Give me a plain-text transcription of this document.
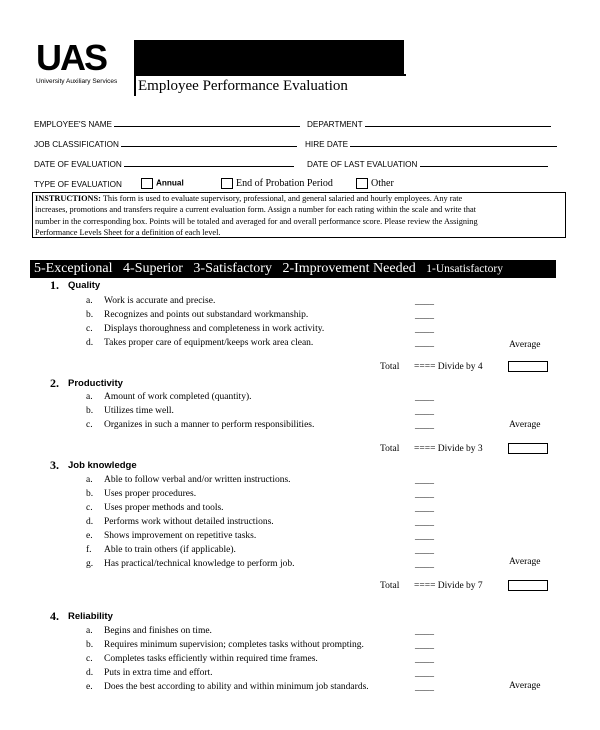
UAS
University Auxiliary Services	Employee Performance Evaluation
EMPLOYEE'S NAME	DEPARTMENT
JOB CLASSIFICATION	HIRE DATE
DATE OF EVALUATION	DATE OF LAST EVALUATION
TYPE OF EVALUATION	Annual	End of Probation Period	Other
INSTRUCTIONS: This form is used to evaluate supervisory, professional, and general salaried and hourly employees. Any rate
increases, promotions and transfers require a current evaluation form. Assign a number for each rating within the scale and write that
number in the corresponding box. Points will be totaled and averaged for and overall performance score. Please review the Assigning
Performance Levels Sheet for a definition of each level.
5-Exceptional 4-Superior 3-Satisfactory 2-Improvement Needed 1-Unsatisfactory
1. Quality
a. Work is accurate and precise.	____
b. Recognizes and points out substandard workmanship.	____
c. Displays thoroughness and completeness in work activity.	____
d. Takes proper care of equipment/keeps work area clean.	____	Average
Total ==== Divide by 4
2. Productivity
a. Amount of work completed (quantity).	____
b. Utilizes time well.	____
c. Organizes in such a manner to perform responsibilities.	____	Average
Total ==== Divide by 3
3. Job knowledge
a. Able to follow verbal and/or written instructions.	____
b. Uses proper procedures.	____
c. Uses proper methods and tools.	____
d. Performs work without detailed instructions.	____
e. Shows improvement on repetitive tasks.	____
f. Able to train others (if applicable).	____
g. Has practical/technical knowledge to perform job.	____	Average
Total ==== Divide by 7
4. Reliability
a. Begins and finishes on time.	____
b. Requires minimum supervision; completes tasks without prompting.	____
c. Completes tasks efficiently within required time frames.	____
d. Puts in extra time and effort.	____
e. Does the best according to ability and within minimum job standards.	____	Average
